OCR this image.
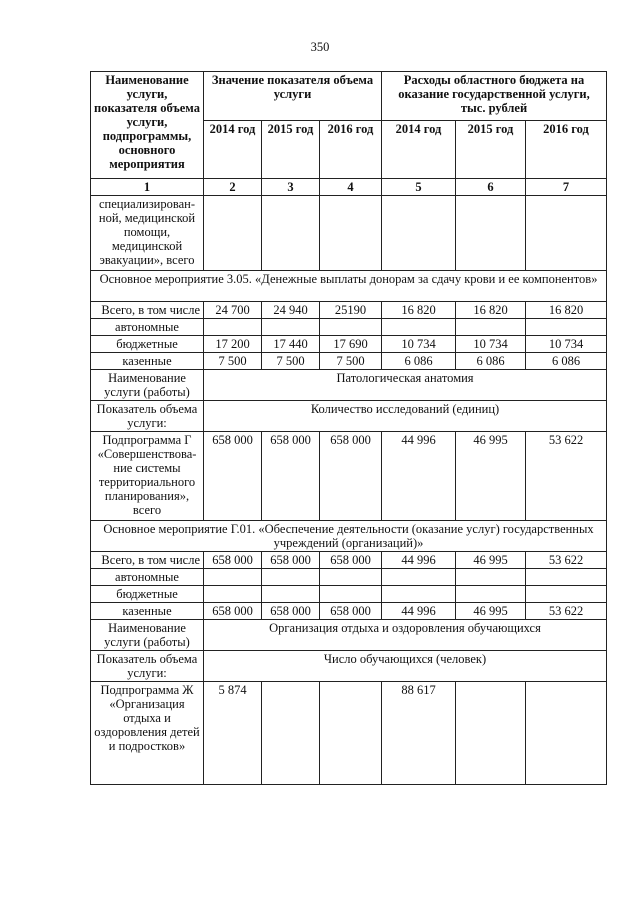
350
Наименование услуги, показателя объема услуги, подпрограммы, основного мероприятия	Значение показателя объема услуги			Расходы областного бюджета на оказание государственной услуги, тыс. рублей		
	2014 год	2015 год	2016 год	2014 год	2015 год	2016 год
1	2	3	4	5	6	7
специализирован-ной, медицинской помощи, медицинской эвакуации», всего						
Основное мероприятие 3.05. «Денежные выплаты донорам за сдачу крови и ее компонентов»						
Всего, в том числе	24 700	24 940	25190	16 820	16 820	16 820
автономные						
бюджетные	17 200	17 440	17 690	10 734	10 734	10 734
казенные	7 500	7 500	7 500	6 086	6 086	6 086
Наименование услуги (работы)	Патологическая анатомия					
Показатель объема услуги:	Количество исследований (единиц)					
Подпрограмма Г «Совершенствова-ние системы территориального планирования», всего	658 000	658 000	658 000	44 996	46 995	53 622
Основное мероприятие Г.01. «Обеспечение деятельности (оказание услуг) государственных учреждений (организаций)»						
Всего, в том числе	658 000	658 000	658 000	44 996	46 995	53 622
автономные						
бюджетные						
казенные	658 000	658 000	658 000	44 996	46 995	53 622
Наименование услуги (работы)	Организация отдыха и оздоровления обучающихся					
Показатель объема услуги:	Число обучающихся (человек)					
Подпрограмма Ж «Организация отдыха и оздоровления детей и подростков»	5 874			88 617		
